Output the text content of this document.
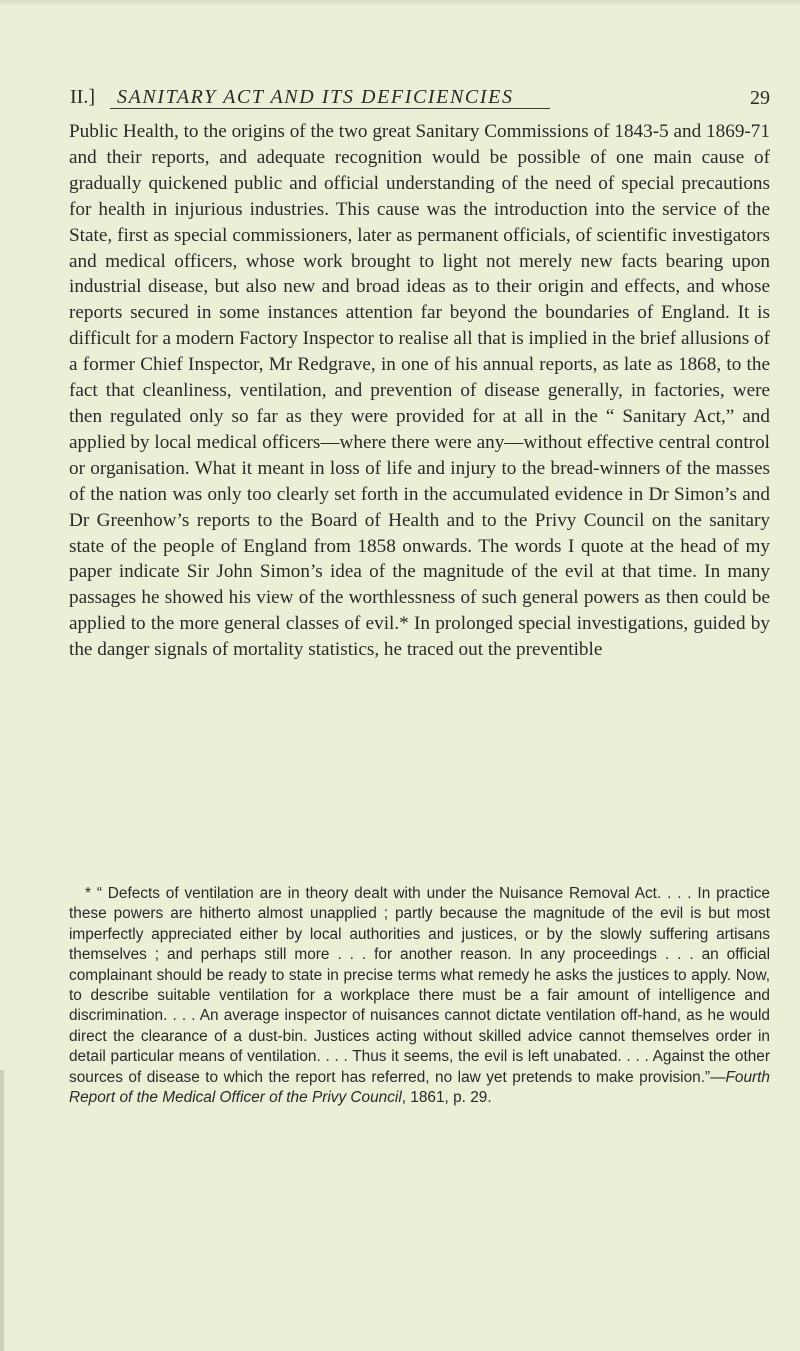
II.] SANITARY ACT AND ITS DEFICIENCIES	29

Public Health, to the origins of the two great Sanitary Commissions of 1843-5 and 1869-71 and their reports, and adequate recognition would be possible of one main cause of gradually quickened public and official understanding of the need of special precautions for health in injurious industries. This cause was the introduction into the service of the State, first as special commissioners, later as permanent officials, of scientific investigators and medical officers, whose work brought to light not merely new facts bearing upon industrial disease, but also new and broad ideas as to their origin and effects, and whose reports secured in some instances attention far beyond the boundaries of England. It is difficult for a modern Factory Inspector to realise all that is implied in the brief allusions of a former Chief Inspector, Mr Redgrave, in one of his annual reports, as late as 1868, to the fact that cleanliness, ventilation, and prevention of disease generally, in factories, were then regulated only so far as they were provided for at all in the “ Sanitary Act,” and applied by local medical officers—where there were any—without effective central control or organisation. What it meant in loss of life and injury to the bread-winners of the masses of the nation was only too clearly set forth in the accumulated evidence in Dr Simon’s and Dr Greenhow’s reports to the Board of Health and to the Privy Council on the sanitary state of the people of England from 1858 onwards. The words I quote at the head of my paper indicate Sir John Simon’s idea of the magnitude of the evil at that time. In many passages he showed his view of the worthlessness of such general powers as then could be applied to the more general classes of evil.* In prolonged special investigations, guided by the danger signals of mortality statistics, he traced out the preventible

* “ Defects of ventilation are in theory dealt with under the Nuisance Removal Act. . . . In practice these powers are hitherto almost unapplied ; partly because the magnitude of the evil is but most imperfectly appreciated either by local authorities and justices, or by the slowly suffering artisans themselves ; and perhaps still more . . . for another reason. In any proceedings . . . an official complainant should be ready to state in precise terms what remedy he asks the justices to apply. Now, to describe suitable ventilation for a workplace there must be a fair amount of intelligence and discrimination. . . . An average inspector of nuisances cannot dictate ventilation off-hand, as he would direct the clearance of a dust-bin. Justices acting without skilled advice cannot themselves order in detail particular means of ventilation. . . . Thus it seems, the evil is left unabated. . . . Against the other sources of disease to which the report has referred, no law yet pretends to make provision.”—Fourth Report of the Medical Officer of the Privy Council, 1861, p. 29.
